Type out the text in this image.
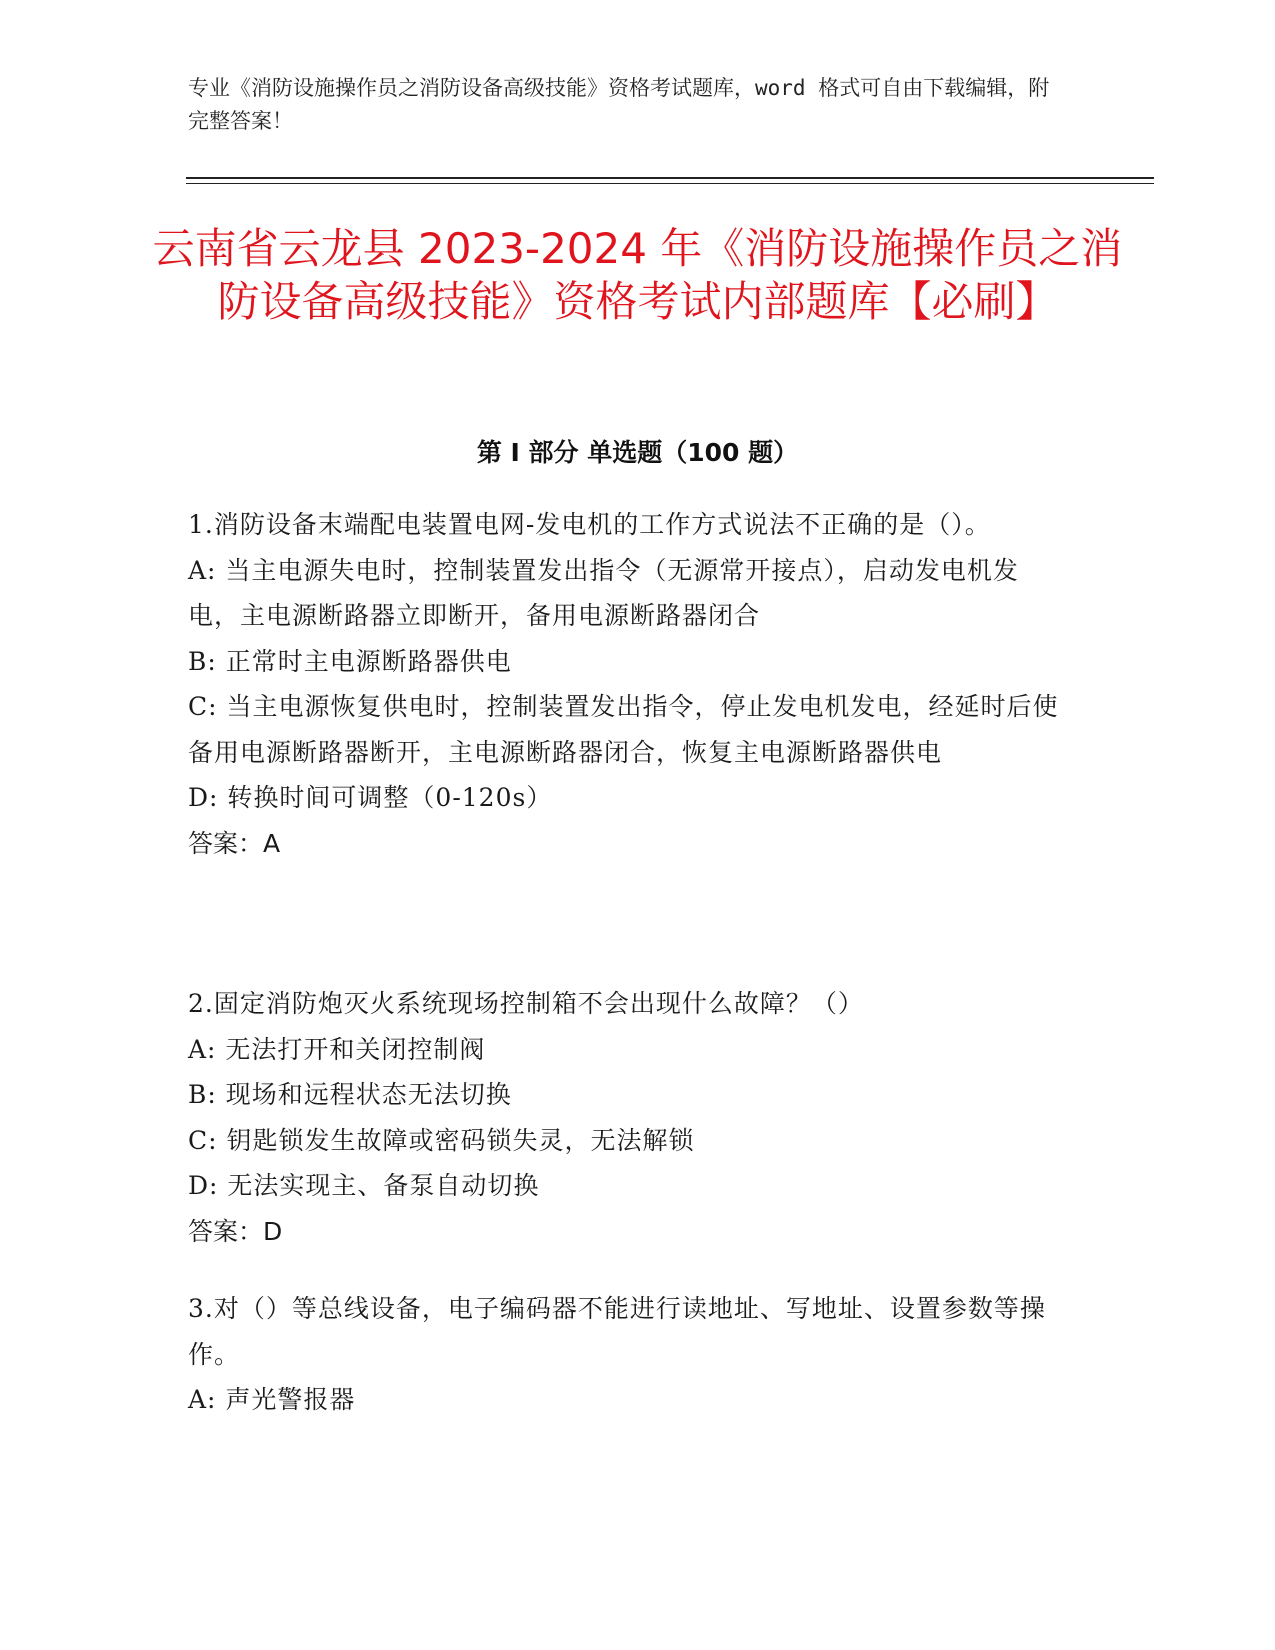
专业《消防设施操作员之消防设备高级技能》资格考试题库，word 格式可自由下载编辑，附完整答案！
云南省云龙县 2023-2024 年《消防设施操作员之消防设备高级技能》资格考试内部题库【必刷】
第 I 部分 单选题（100 题）
1.消防设备末端配电装置电网-发电机的工作方式说法不正确的是（）。
A: 当主电源失电时，控制装置发出指令（无源常开接点），启动发电机发电，主电源断路器立即断开，备用电源断路器闭合
B: 正常时主电源断路器供电
C: 当主电源恢复供电时，控制装置发出指令，停止发电机发电，经延时后使备用电源断路器断开，主电源断路器闭合，恢复主电源断路器供电
D: 转换时间可调整（0-120s）
答案：A
2.固定消防炮灭火系统现场控制箱不会出现什么故障？（）
A: 无法打开和关闭控制阀
B: 现场和远程状态无法切换
C: 钥匙锁发生故障或密码锁失灵，无法解锁
D: 无法实现主、备泵自动切换
答案：D
3.对（）等总线设备，电子编码器不能进行读地址、写地址、设置参数等操作。
A: 声光警报器
